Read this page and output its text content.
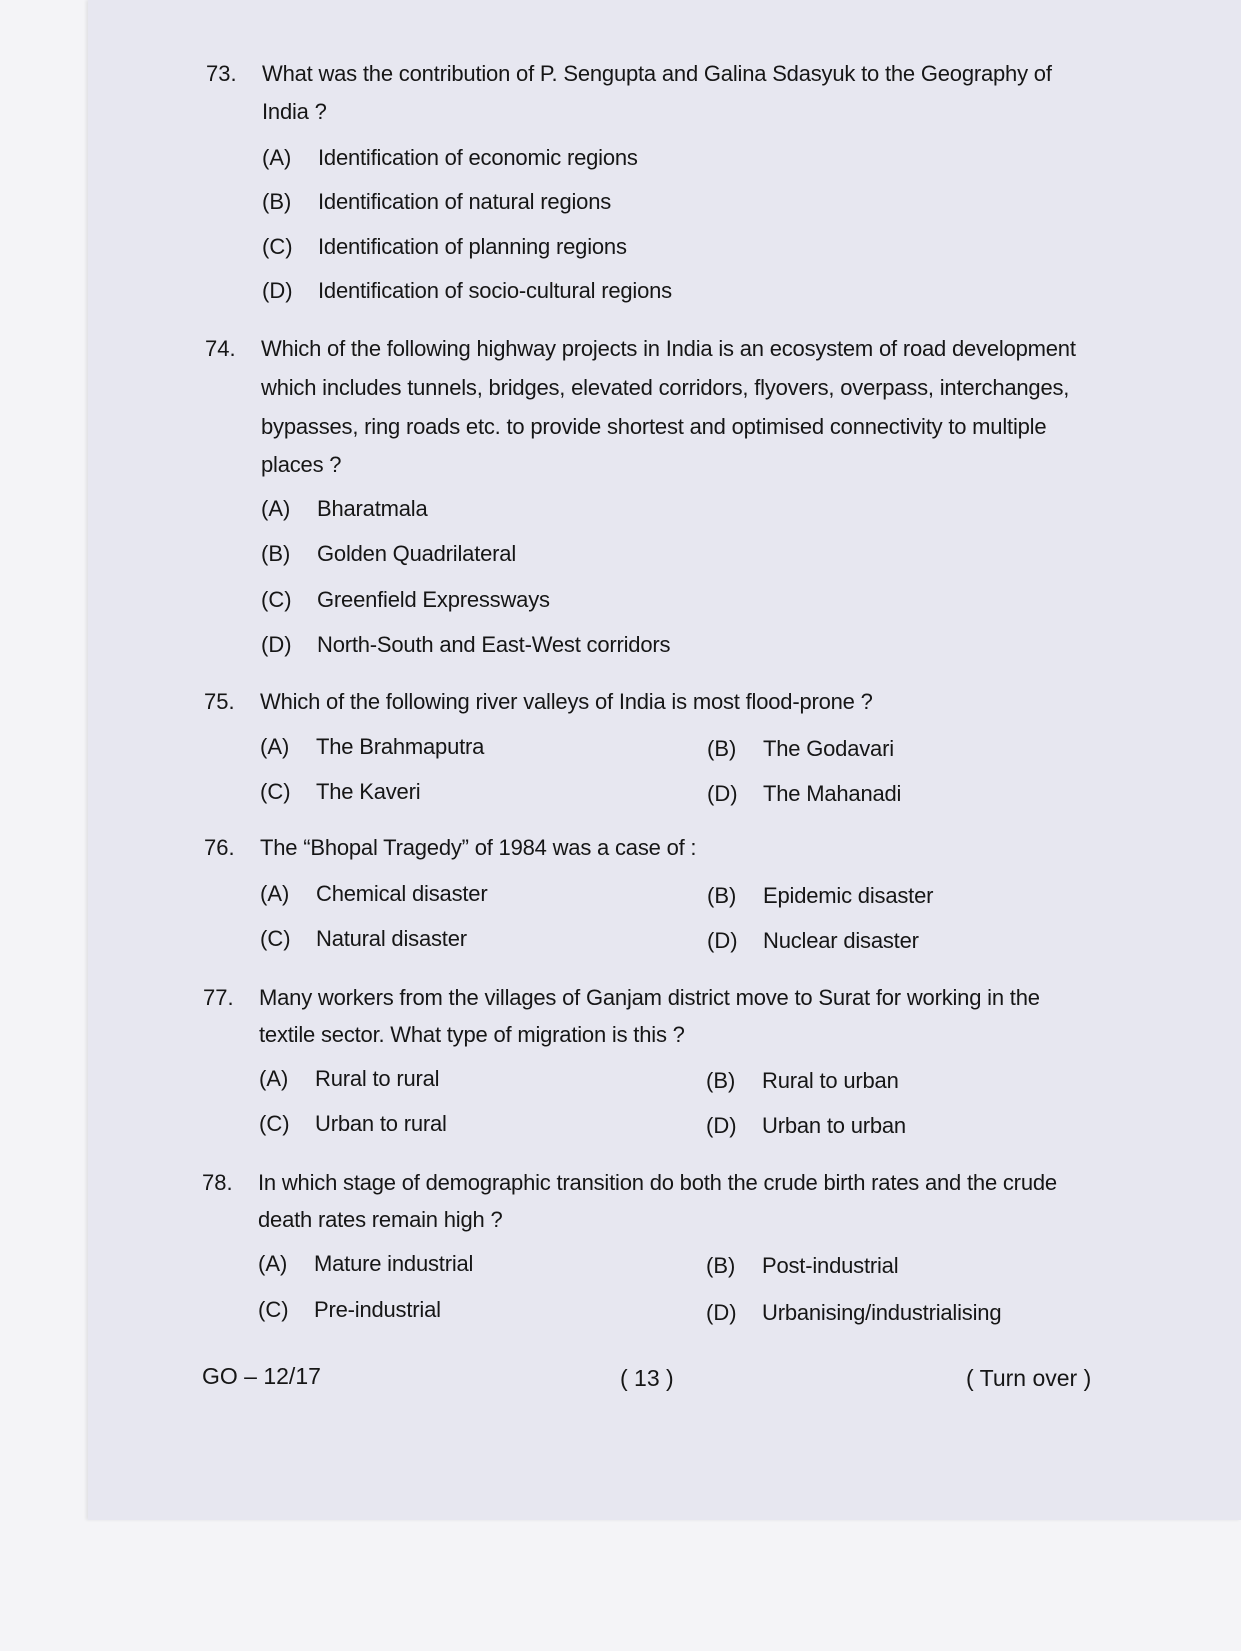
73. What was the contribution of P. Sengupta and Galina Sdasyuk to the Geography of
India ?
(A) Identification of economic regions
(B) Identification of natural regions
(C) Identification of planning regions
(D) Identification of socio-cultural regions
74. Which of the following highway projects in India is an ecosystem of road development
which includes tunnels, bridges, elevated corridors, flyovers, overpass, interchanges,
bypasses, ring roads etc. to provide shortest and optimised connectivity to multiple
places ?
(A) Bharatmala
(B) Golden Quadrilateral
(C) Greenfield Expressways
(D) North-South and East-West corridors
75. Which of the following river valleys of India is most flood-prone ?
(A) The Brahmaputra	(B) The Godavari
(C) The Kaveri	(D) The Mahanadi
76. The “Bhopal Tragedy” of 1984 was a case of :
(A) Chemical disaster	(B) Epidemic disaster
(C) Natural disaster	(D) Nuclear disaster
77. Many workers from the villages of Ganjam district move to Surat for working in the
textile sector. What type of migration is this ?
(A) Rural to rural	(B) Rural to urban
(C) Urban to rural	(D) Urban to urban
78. In which stage of demographic transition do both the crude birth rates and the crude
death rates remain high ?
(A) Mature industrial	(B) Post-industrial
(C) Pre-industrial	(D) Urbanising/industrialising
GO – 12/17	( 13 )	( Turn over )
